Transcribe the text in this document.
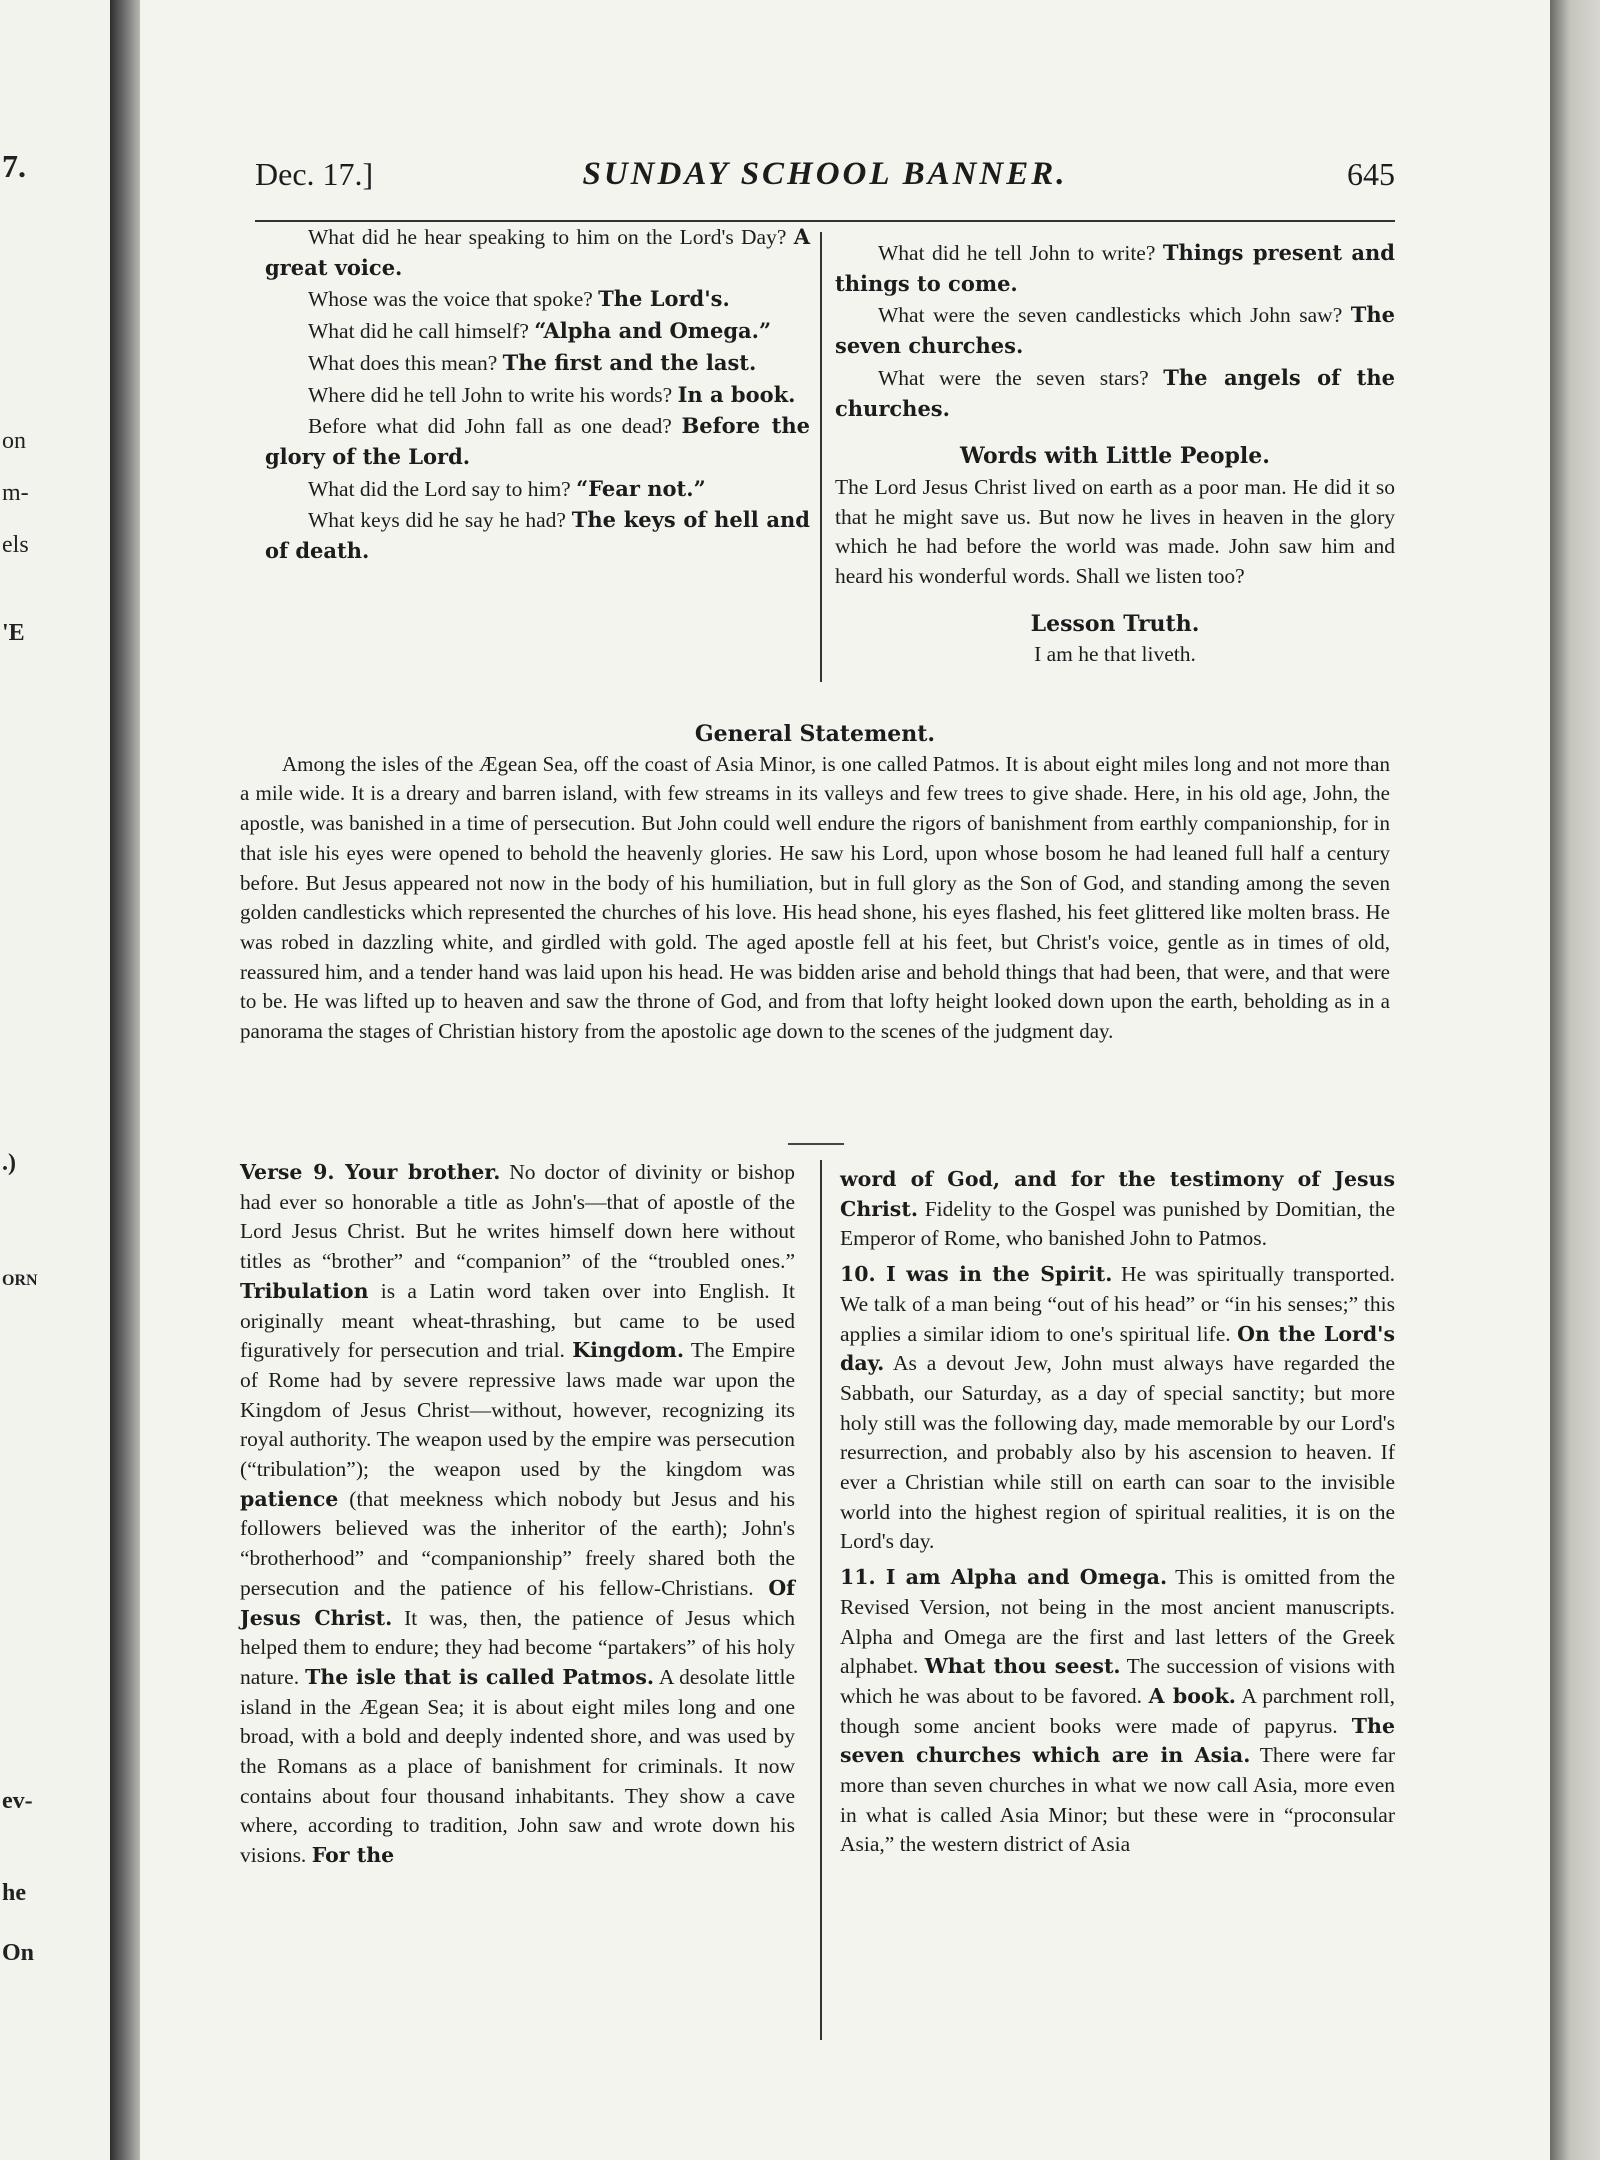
7.
on
m-
els
'E
.)
ORN
ev-
he
On
Dec. 17.]	SUNDAY SCHOOL BANNER.	645

What did he hear speaking to him on the Lord's Day? A great voice.

Whose was the voice that spoke? The Lord's.

What did he call himself? “Alpha and Omega.”

What does this mean? The first and the last.

Where did he tell John to write his words? In a book.

Before what did John fall as one dead? Before the glory of the Lord.

What did the Lord say to him? “Fear not.”

What keys did he say he had? The keys of hell and of death.

What did he tell John to write? Things present and things to come.

What were the seven candlesticks which John saw? The seven churches.

What were the seven stars? The angels of the churches.

Words with Little People.

The Lord Jesus Christ lived on earth as a poor man. He did it so that he might save us. But now he lives in heaven in the glory which he had before the world was made. John saw him and heard his wonderful words. Shall we listen too?

Lesson Truth.

I am he that liveth.

General Statement.

Among the isles of the Ægean Sea, off the coast of Asia Minor, is one called Patmos. It is about eight miles long and not more than a mile wide. It is a dreary and barren island, with few streams in its valleys and few trees to give shade. Here, in his old age, John, the apostle, was banished in a time of persecution. But John could well endure the rigors of banishment from earthly companionship, for in that isle his eyes were opened to behold the heavenly glories. He saw his Lord, upon whose bosom he had leaned full half a century before. But Jesus appeared not now in the body of his humiliation, but in full glory as the Son of God, and standing among the seven golden candlesticks which represented the churches of his love. His head shone, his eyes flashed, his feet glittered like molten brass. He was robed in dazzling white, and girdled with gold. The aged apostle fell at his feet, but Christ's voice, gentle as in times of old, reassured him, and a tender hand was laid upon his head. He was bidden arise and behold things that had been, that were, and that were to be. He was lifted up to heaven and saw the throne of God, and from that lofty height looked down upon the earth, beholding as in a panorama the stages of Christian history from the apostolic age down to the scenes of the judgment day.

Verse 9. Your brother. No doctor of divinity or bishop had ever so honorable a title as John's—that of apostle of the Lord Jesus Christ. But he writes himself down here without titles as “brother” and “companion” of the “troubled ones.” Tribulation is a Latin word taken over into English. It originally meant wheat-thrashing, but came to be used figuratively for persecution and trial. Kingdom. The Empire of Rome had by severe repressive laws made war upon the Kingdom of Jesus Christ—without, however, recognizing its royal authority. The weapon used by the empire was persecution (“tribulation”); the weapon used by the kingdom was patience (that meekness which nobody but Jesus and his followers believed was the inheritor of the earth); John's “brotherhood” and “companionship” freely shared both the persecution and the patience of his fellow-Christians. Of Jesus Christ. It was, then, the patience of Jesus which helped them to endure; they had become “partakers” of his holy nature. The isle that is called Patmos. A desolate little island in the Ægean Sea; it is about eight miles long and one broad, with a bold and deeply indented shore, and was used by the Romans as a place of banishment for criminals. It now contains about four thousand inhabitants. They show a cave where, according to tradition, John saw and wrote down his visions. For the

word of God, and for the testimony of Jesus Christ. Fidelity to the Gospel was punished by Domitian, the Emperor of Rome, who banished John to Patmos.

10. I was in the Spirit. He was spiritually transported. We talk of a man being “out of his head” or “in his senses;” this applies a similar idiom to one's spiritual life. On the Lord's day. As a devout Jew, John must always have regarded the Sabbath, our Saturday, as a day of special sanctity; but more holy still was the following day, made memorable by our Lord's resurrection, and probably also by his ascension to heaven. If ever a Christian while still on earth can soar to the invisible world into the highest region of spiritual realities, it is on the Lord's day.

11. I am Alpha and Omega. This is omitted from the Revised Version, not being in the most ancient manuscripts. Alpha and Omega are the first and last letters of the Greek alphabet. What thou seest. The succession of visions with which he was about to be favored. A book. A parchment roll, though some ancient books were made of papyrus. The seven churches which are in Asia. There were far more than seven churches in what we now call Asia, more even in what is called Asia Minor; but these were in “proconsular Asia,” the western district of Asia
